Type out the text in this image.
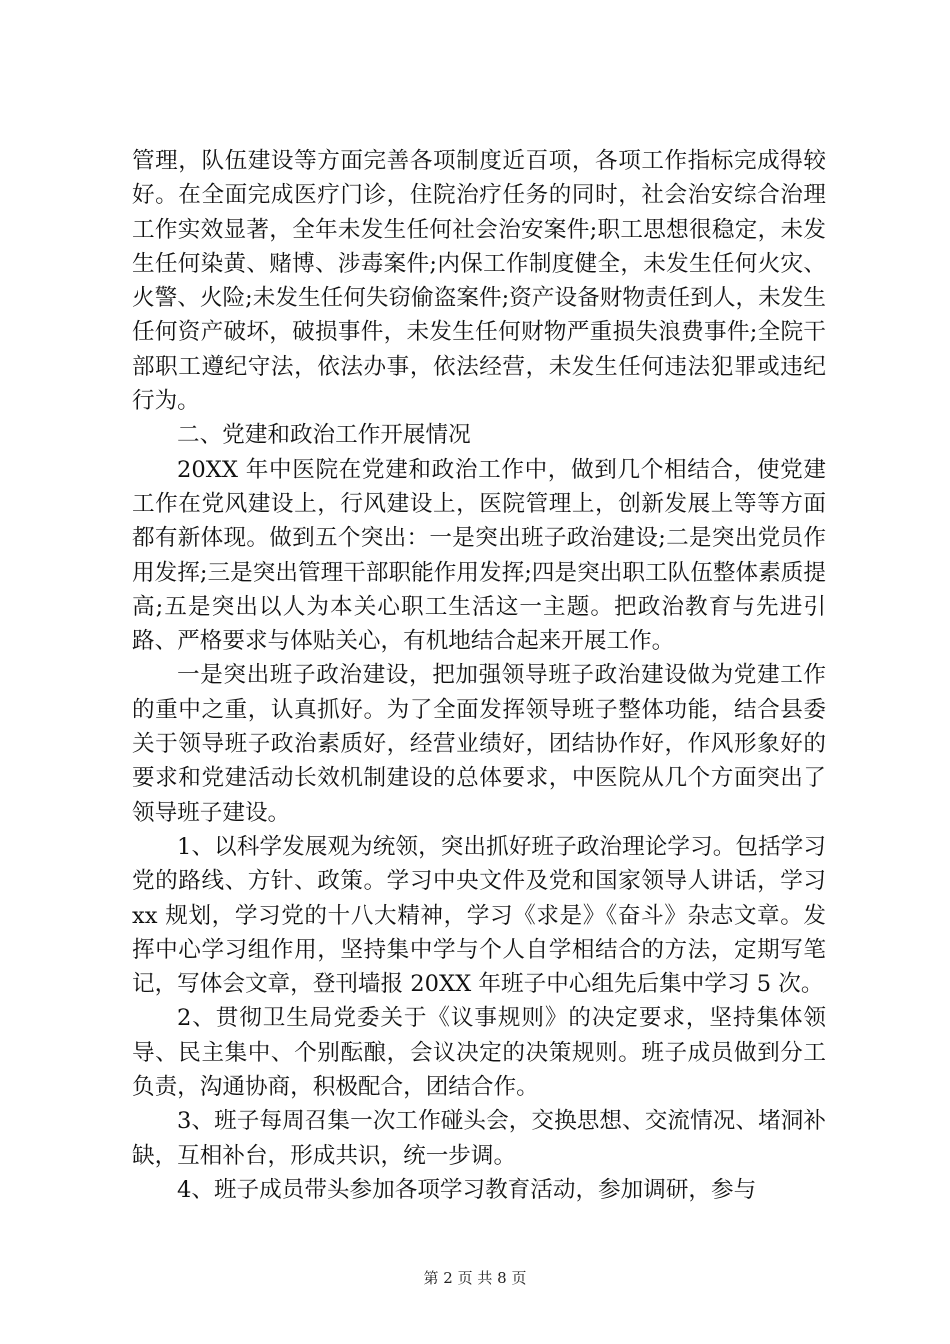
管理，队伍建设等方面完善各项制度近百项，各项工作指标完成得较好。在全面完成医疗门诊，住院治疗任务的同时，社会治安综合治理工作实效显著，全年未发生任何社会治安案件;职工思想很稳定，未发生任何染黄、赌博、涉毒案件;内保工作制度健全，未发生任何火灾、火警、火险;未发生任何失窃偷盗案件;资产设备财物责任到人，未发生任何资产破坏，破损事件，未发生任何财物严重损失浪费事件;全院干部职工遵纪守法，依法办事，依法经营，未发生任何违法犯罪或违纪行为。

二、党建和政治工作开展情况

20XX 年中医院在党建和政治工作中，做到几个相结合，使党建工作在党风建设上，行风建设上，医院管理上，创新发展上等等方面都有新体现。做到五个突出：一是突出班子政治建设;二是突出党员作用发挥;三是突出管理干部职能作用发挥;四是突出职工队伍整体素质提高;五是突出以人为本关心职工生活这一主题。把政治教育与先进引路、严格要求与体贴关心，有机地结合起来开展工作。

一是突出班子政治建设，把加强领导班子政治建设做为党建工作的重中之重，认真抓好。为了全面发挥领导班子整体功能，结合县委关于领导班子政治素质好，经营业绩好，团结协作好，作风形象好的要求和党建活动长效机制建设的总体要求，中医院从几个方面突出了领导班子建设。

1、以科学发展观为统领，突出抓好班子政治理论学习。包括学习党的路线、方针、政策。学习中央文件及党和国家领导人讲话，学习 xx 规划，学习党的十八大精神，学习《求是》《奋斗》杂志文章。发挥中心学习组作用，坚持集中学与个人自学相结合的方法，定期写笔记，写体会文章，登刊墙报 20XX 年班子中心组先后集中学习 5 次。

2、贯彻卫生局党委关于《议事规则》的决定要求，坚持集体领导、民主集中、个别酝酿，会议决定的决策规则。班子成员做到分工负责，沟通协商，积极配合，团结合作。

3、班子每周召集一次工作碰头会，交换思想、交流情况、堵洞补缺，互相补台，形成共识，统一步调。

4、班子成员带头参加各项学习教育活动，参加调研，参与

第 2 页 共 8 页
